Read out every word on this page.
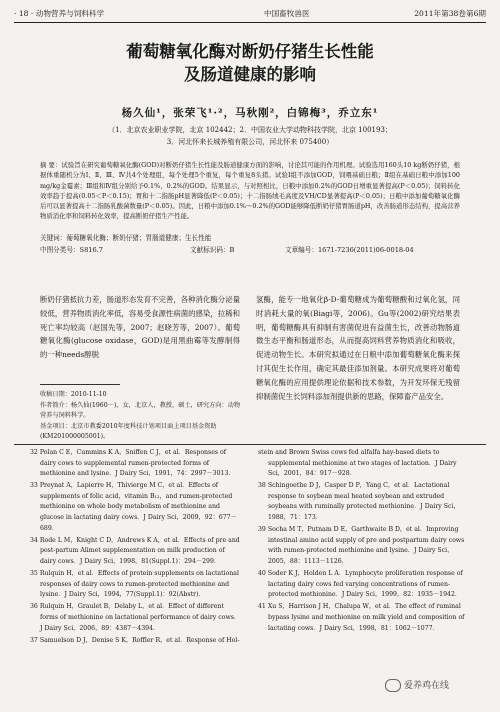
· 18 · 动物营养与饲料科学	中国畜牧兽医	2011年第38卷第6期
葡萄糖氧化酶对断奶仔猪生长性能
及肠道健康的影响
杨久仙¹，张荣飞¹·²，马秋刚²，白锦梅³，乔立东¹
（1．北京农业职业学院，北京 102442；2．中国农业大学动物科技学院，北京 100193；
3．河北怀来长城养殖有限公司，河北怀来 075400）
摘 要：试验旨在研究葡萄糖氧化酶(GOD)对断奶仔猪生长性能及肠道健康方面的影响，讨论其可能的作用机理。试验选用160头10 kg断奶仔猪，根据体重随机分为Ⅰ、Ⅱ、Ⅲ、Ⅳ共4个处理组，每个处理5个重复，每个重复8头猪。试验Ⅰ组不添加GOD，饲喂基础日粮；Ⅱ组在基础日粮中添加100 mg/kg金霉素；Ⅲ组和Ⅳ组分别给予0.1%、0.2%的GOD。结果显示，与对照相比，日粮中添加0.2%的GOD日增重显著提高(P＜0.05)；饲料转化效率趋于提高(0.05＜P＜0.15)；胃和十二指肠pH显著降低(P＜0.05)；十二指肠绒毛高度及VH/CD显著提高(P＜0.05)；日粮中添加葡萄糖氧化酶后可以显著提高十二指肠乳酸菌数量(P＜0.05)。因此，日粮中添加0.1%～0.2%的GOD能够降低断奶仔猪胃肠道pH，改善肠道形态结构，提高营养物质消化率和饲料转化效率，提高断奶仔猪生产性能。
关键词：葡萄糖氧化酶；断奶仔猪；胃肠道健康；生长性能
中图分类号：S816.7	文献标识码：B	文章编号：1671-7236(2011)06-0018-04
断奶仔猪抵抗力差，肠道形态发育不完善，各种消化酶分泌量较低，营养物质消化率低，容易受食源性病菌的感染，拉稀和死亡率均较高（赵国先等，2007；赵晓芳等，2007）。葡萄糖氧化酶(glucose oxidase，GOD)是用黑曲霉等发酵制得的一种needs醇脱
氢酶，能专一地氧化β-D-葡萄糖成为葡萄糖酸和过氧化氢，同时消耗大量的氧(Biagi等，2006)。Gu等(2002)研究结果表明，葡萄糖酶具有抑制有害菌促进有益菌生长，改善动物肠道微生态平衡和肠道形态，从而提高饲料营养物质消化和吸收，促进动物生长。本研究拟通过在日粮中添加葡萄糖氧化酶来探讨其促生长作用，确定其最佳添加剂量。本研究成果将对葡萄糖氧化酶的应用提供理论依据和技术参数，为开发环保无残留抑制菌促生长饲料添加剂提供新的思路，保障畜产品安全。
收稿日期：2010-11-10
作者简介：杨久仙(1960－)，女，北京人，教授，硕士，研究方向：动物营养与饲料科学。
基金项目：北京市教委2010年度科技计划项目面上项目基金资助(KM201000005001)。
32 Polan C E，Cummins K A，Sniffen C J，et al．Responses of dairy cows to supplemental rumen-protected forms of methionine and lysine．J Dairy Sci，1991，74：2997－3013．
33 Preynat A，Lapierre H，Thivierge M C，et al．Effects of supplements of folic acid，vitamin B₁₂，and rumen-protected methionine on whole body metabolism of methionine and glucose in lactating dairy cows．J Dairy Sci，2009，92：677－689．
34 Rode L M，Knight C D，Andrews K A，et al．Effects of pre and post-partum Alimet supplementation on milk production of dairy cows．J Dairy Sci，1998，81(Suppl.1)：294－299．
35 Rulquin H，et al．Effects of protein supplements on lactational responses of dairy cows to rumen-protected methionine and lysine．J Dairy Sci，1994，77(Suppl.1)：92(Abstr)．
36 Rulquin H，Graulet B，Delaby L，et al．Effect of different forms of methionine on lactational performance of dairy cows．J Dairy Sci，2006，89：4387－4394．
37 Samuelson D J，Denise S K，Roffler R，et al．Response of Hol-
stein and Brown Swiss cows fed alfalfa hay-based diets to supplemental methionine at two stages of lactation．J Dairy Sci，2001，84：917－928．
38 Schingoethe D J，Casper D P，Yang C，et al．Lactational response to soybean meal heated soybean and extruded soybeans with ruminally protected methionine．J Dairy Sci，1988，71：173．
39 Socha M T，Putnam D E，Garthwaite B D，et al．Improving intestinal amino acid supply of pre and postpartum dairy cows with rumen-protected methionine and lysine．J Dairy Sci，2005，88：1113－1126．
40 Soder K J，Holden L A．Lymphocyte proliferation response of lactating dairy cows fed varying concentrations of rumen-protected methionine．J Dairy Sci，1999，82：1935－1942．
41 Xu S，Harrison J H，Chalupa W，et al．The effect of ruminal bypass lysine and methionine on milk yield and composition of lactating cows．J Dairy Sci，1998，81：1062－1077．
爱养鸡在线
